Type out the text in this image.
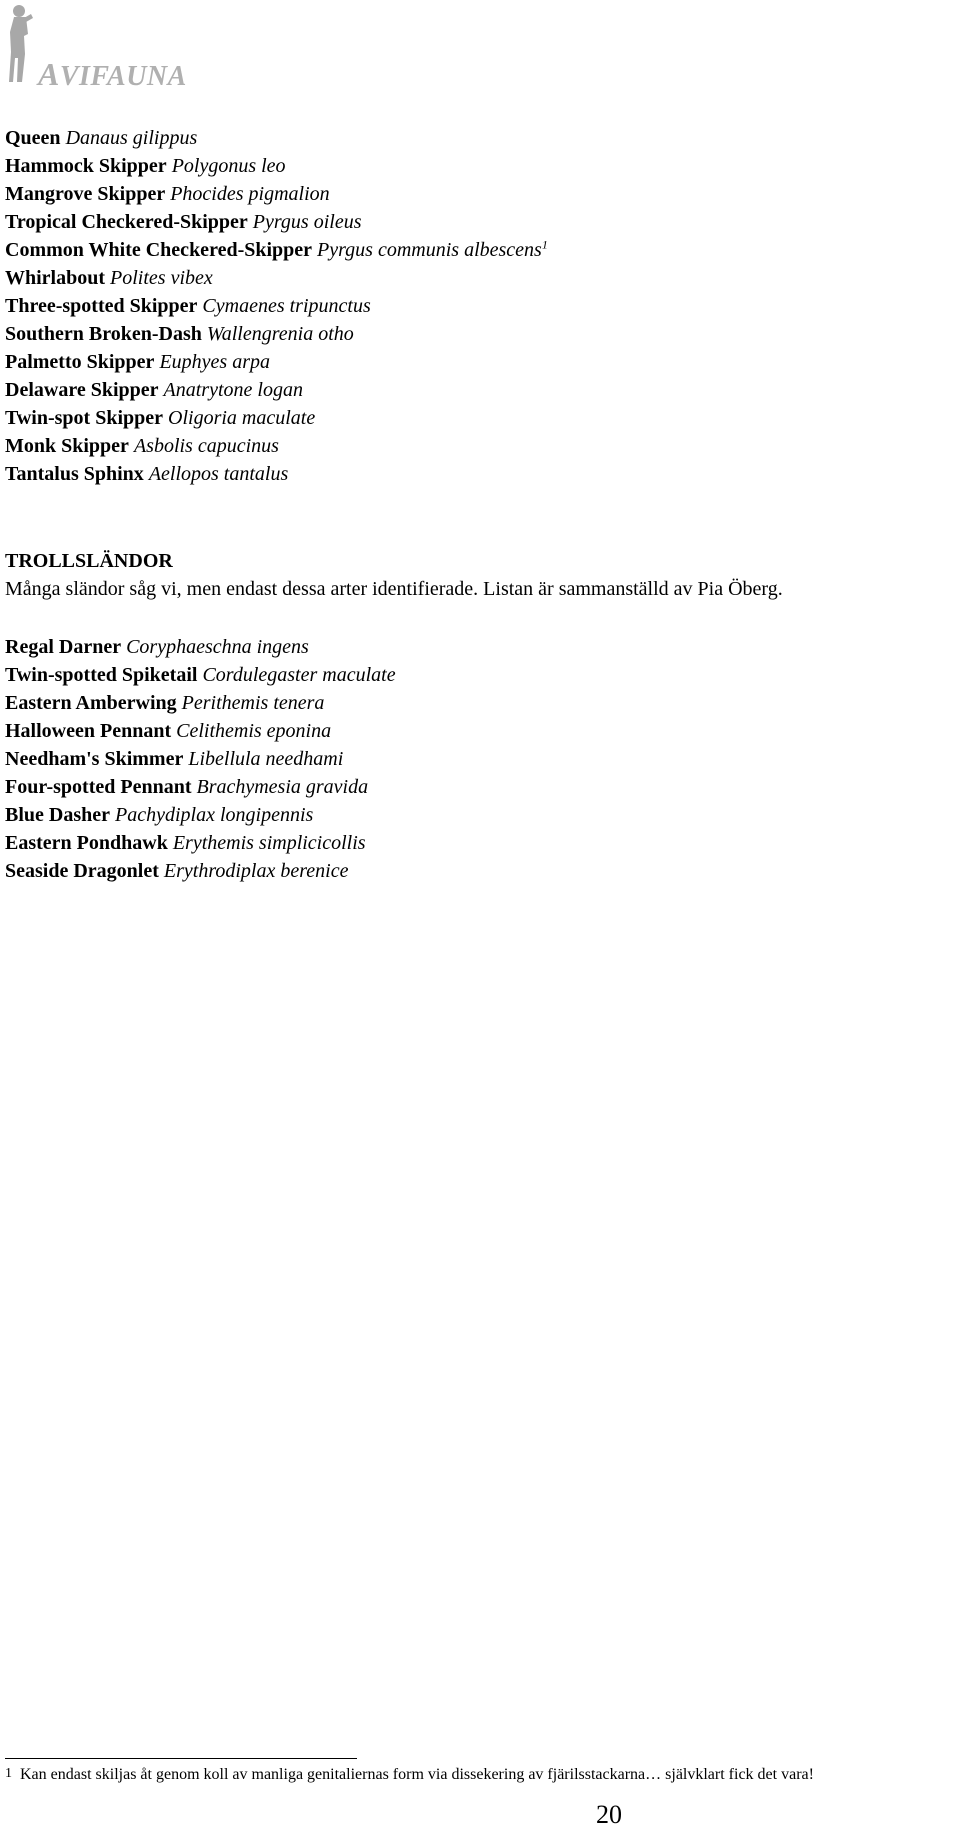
AVIFAUNA
Queen Danaus gilippus
Hammock Skipper Polygonus leo
Mangrove Skipper Phocides pigmalion
Tropical Checkered-Skipper Pyrgus oileus
Common White Checkered-Skipper Pyrgus communis albescens$^1$
Whirlabout Polites vibex
Three-spotted Skipper Cymaenes tripunctus
Southern Broken-Dash Wallengrenia otho
Palmetto Skipper Euphyes arpa
Delaware Skipper Anatrytone logan
Twin-spot Skipper Oligoria maculate
Monk Skipper Asbolis capucinus
Tantalus Sphinx Aellopos tantalus
TROLLSLÄNDOR
Många sländor såg vi, men endast dessa arter identifierade. Listan är sammanställd av Pia Öberg.
Regal Darner Coryphaeschna ingens
Twin-spotted Spiketail Cordulegaster maculate
Eastern Amberwing Perithemis tenera
Halloween Pennant Celithemis eponina
Needham's Skimmer Libellula needhami
Four-spotted Pennant Brachymesia gravida
Blue Dasher Pachydiplax longipennis
Eastern Pondhawk Erythemis simplicicollis
Seaside Dragonlet Erythrodiplax berenice
1 Kan endast skiljas åt genom koll av manliga genitaliernas form via dissekering av fjärilsstackarna… självklart fick det vara!
20
